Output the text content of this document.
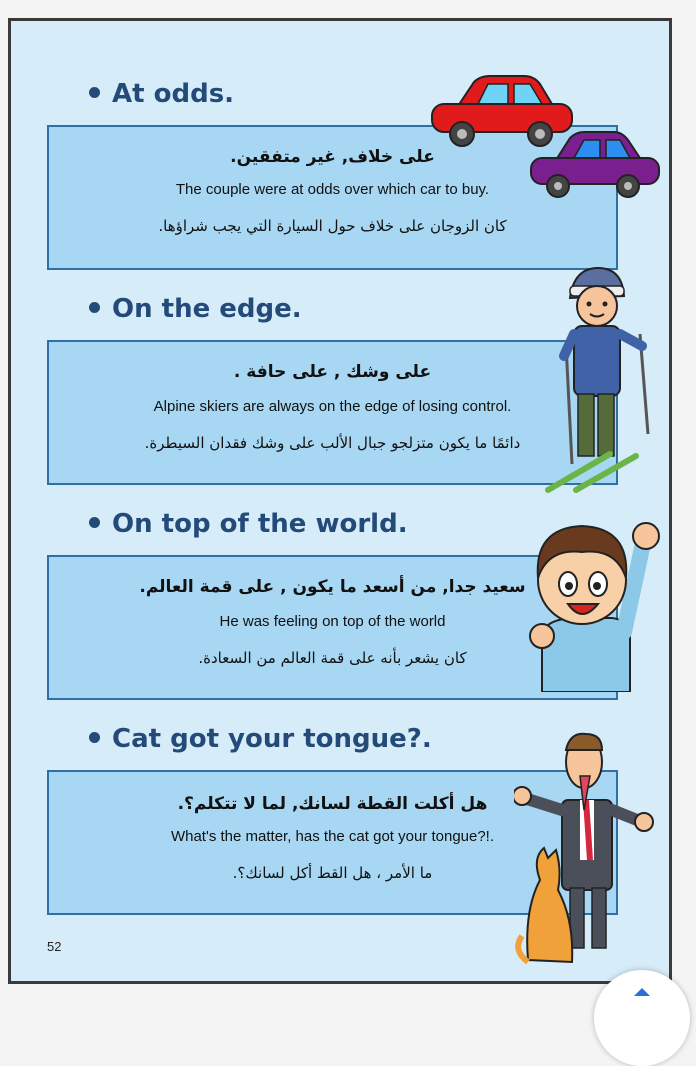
At odds.
على خلاف, غير متفقين.
The couple were at odds over which car to buy.
كان الزوجان على خلاف حول السيارة التي يجب شراؤها.
On the edge.
على وشك , على حافة .
Alpine skiers are always on the edge of losing control.
دائمًا ما يكون متزلجو جبال الألب على وشك فقدان السيطرة.
On top of the world.
سعيد جدا, من أسعد ما يكون , على قمة العالم.
He was feeling on top of the world
كان يشعر بأنه على قمة العالم من السعادة.
Cat got your tongue?.
هل أكلت القطة لسانك, لما لا تتكلم؟.
What's the matter, has the cat got your tongue?!.
ما الأمر ، هل القط أكل لسانك؟.
52
